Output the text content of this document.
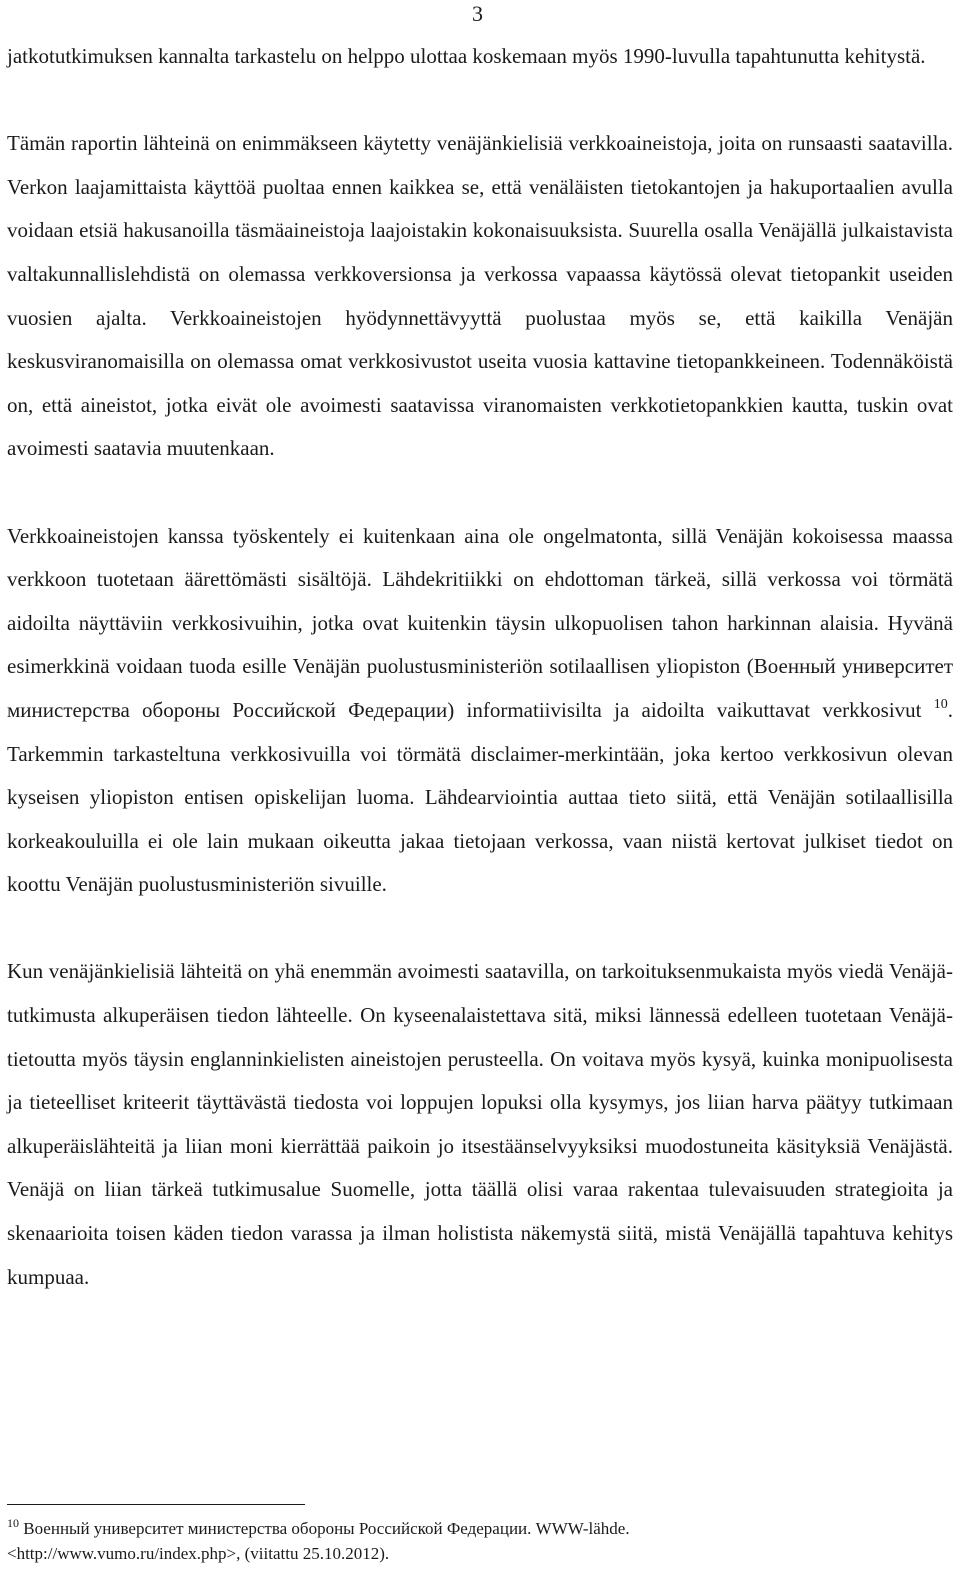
3

jatkotutkimuksen kannalta tarkastelu on helppo ulottaa koskemaan myös 1990-luvulla tapahtunutta kehitystä.

Tämän raportin lähteinä on enimmäkseen käytetty venäjänkielisiä verkkoaineistoja, joita on runsaasti saatavilla. Verkon laajamittaista käyttöä puoltaa ennen kaikkea se, että venäläisten tietokantojen ja hakuportaalien avulla voidaan etsiä hakusanoilla täsmäaineistoja laajoistakin kokonaisuuksista. Suurella osalla Venäjällä julkaistavista valtakunnallislehdistä on olemassa verkkoversionsa ja verkossa vapaassa käytössä olevat tietopankit useiden vuosien ajalta. Verkkoaineistojen hyödynnettävyyttä puolustaa myös se, että kaikilla Venäjän keskusviranomaisilla on olemassa omat verkkosivustot useita vuosia kattavine tietopankkeineen. Todennäköistä on, että aineistot, jotka eivät ole avoimesti saatavissa viranomaisten verkkotietopankkien kautta, tuskin ovat avoimesti saatavia muutenkaan.

Verkkoaineistojen kanssa työskentely ei kuitenkaan aina ole ongelmatonta, sillä Venäjän kokoisessa maassa verkkoon tuotetaan äärettömästi sisältöjä. Lähdekritiikki on ehdottoman tärkeä, sillä verkossa voi törmätä aidoilta näyttäviin verkkosivuihin, jotka ovat kuitenkin täysin ulkopuolisen tahon harkinnan alaisia. Hyvänä esimerkkinä voidaan tuoda esille Venäjän puolustusministeriön sotilaallisen yliopiston (Военный университет министерства обороны Российской Федерации) informatiivisilta ja aidoilta vaikuttavat verkkosivut $^{10}$. Tarkemmin tarkasteltuna verkkosivuilla voi törmätä disclaimer-merkintään, joka kertoo verkkosivun olevan kyseisen yliopiston entisen opiskelijan luoma. Lähdearviointia auttaa tieto siitä, että Venäjän sotilaallisilla korkeakouluilla ei ole lain mukaan oikeutta jakaa tietojaan verkossa, vaan niistä kertovat julkiset tiedot on koottu Venäjän puolustusministeriön sivuille.

Kun venäjänkielisiä lähteitä on yhä enemmän avoimesti saatavilla, on tarkoituksenmukaista myös viedä Venäjä-tutkimusta alkuperäisen tiedon lähteelle. On kyseenalaistettava sitä, miksi lännessä edelleen tuotetaan Venäjä-tietoutta myös täysin englanninkielisten aineistojen perusteella. On voitava myös kysyä, kuinka monipuolisesta ja tieteelliset kriteerit täyttävästä tiedosta voi loppujen lopuksi olla kysymys, jos liian harva päätyy tutkimaan alkuperäislähteitä ja liian moni kierrättää paikoin jo itsestäänselvyyksiksi muodostuneita käsityksiä Venäjästä. Venäjä on liian tärkeä tutkimusalue Suomelle, jotta täällä olisi varaa rakentaa tulevaisuuden strategioita ja skenaarioita toisen käden tiedon varassa ja ilman holistista näkemystä siitä, mistä Venäjällä tapahtuva kehitys kumpuaa.

$^{10}$ Военный университет министерства обороны Российской Федерации. WWW-lähde.
<http://www.vumo.ru/index.php>, (viitattu 25.10.2012).
